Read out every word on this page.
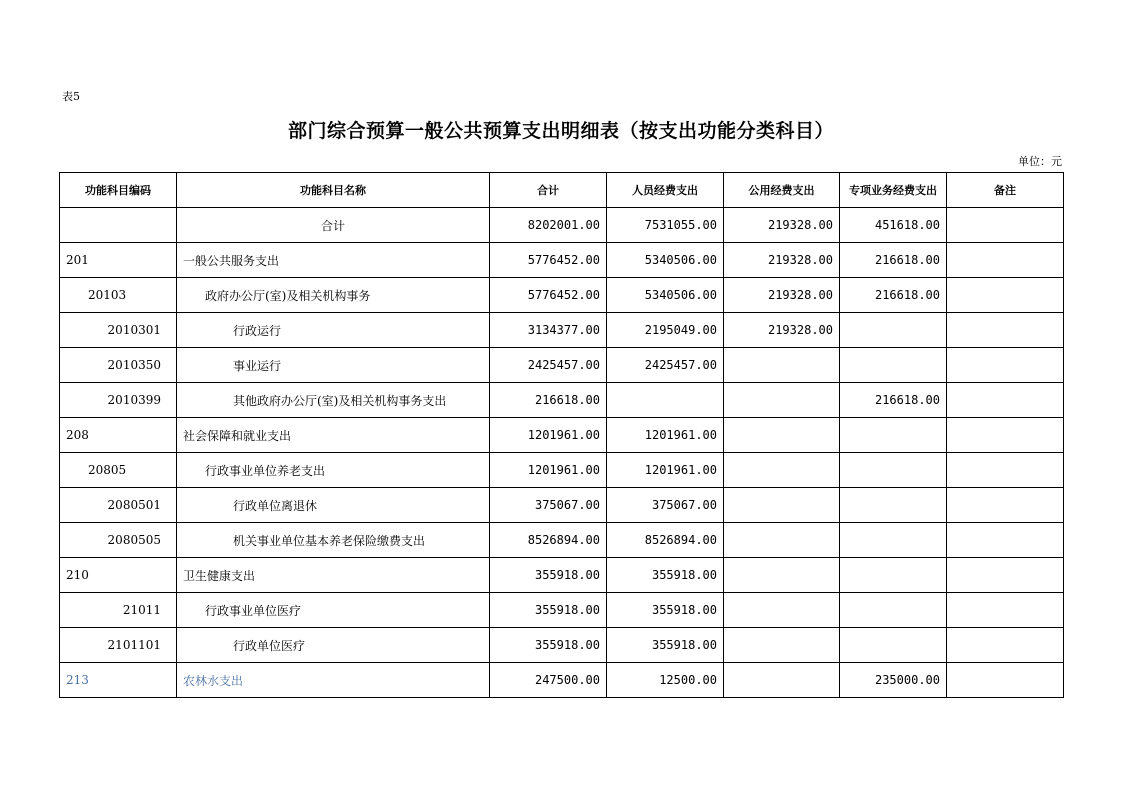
表5
部门综合预算一般公共预算支出明细表（按支出功能分类科目）
单位：元
功能科目编码	功能科目名称	合计	人员经费支出	公用经费支出	专项业务经费支出	备注
	合计	8202001.00	7531055.00	219328.00	451618.00	
201	一般公共服务支出	5776452.00	5340506.00	219328.00	216618.00	
20103	政府办公厅(室)及相关机构事务	5776452.00	5340506.00	219328.00	216618.00	
2010301	行政运行	3134377.00	2195049.00	219328.00		
2010350	事业运行	2425457.00	2425457.00			
2010399	其他政府办公厅(室)及相关机构事务支出	216618.00			216618.00	
208	社会保障和就业支出	1201961.00	1201961.00			
20805	行政事业单位养老支出	1201961.00	1201961.00			
2080501	行政单位离退休	375067.00	375067.00			
2080505	机关事业单位基本养老保险缴费支出	8526894.00	8526894.00			
210	卫生健康支出	355918.00	355918.00			
21011	行政事业单位医疗	355918.00	355918.00			
2101101	行政单位医疗	355918.00	355918.00			
213	农林水支出	247500.00	12500.00		235000.00	
